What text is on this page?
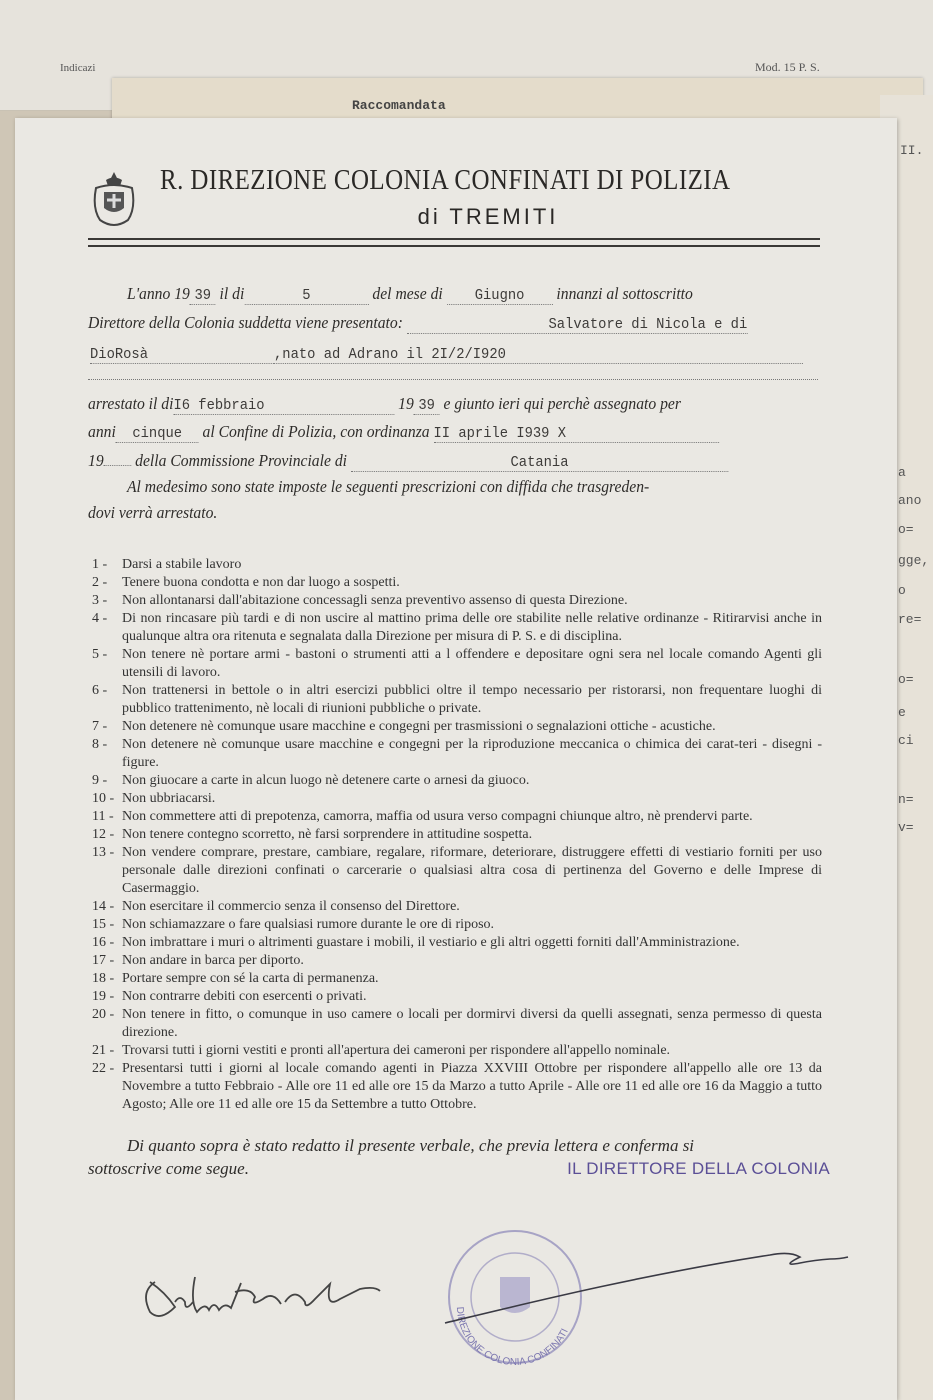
Indicazi	Mod. 15 P. S.
Raccomandata
II.
a
ano
o=
gge,
o
re=
o=
e
ci
n=
v=
R. DIREZIONE COLONIA CONFINATI DI POLIZIA
di TREMITI
L'anno 19 39 il di	5	del mese di Giugno innanzi al sottoscritto
Direttore della Colonia suddetta viene presentato:	Salvatore di Nicola e di
DioRosà	,nato ad Adrano il 2I/2/I920
arrestato il diI6 febbraio	19 39 e giunto ieri qui perchè assegnato per
anni cinque al Confine di Polizia, con ordinanza II aprile I939 X
19 della Commissione Provinciale di	Catania
Al medesimo sono state imposte le seguenti prescrizioni con diffida che trasgreden-
dovi verrà arrestato.
DIREZIONE COLONIA CONFINATI
1 -	Darsi a stabile lavoro
2 -	Tenere buona condotta e non dar luogo a sospetti.
3 -	Non allontanarsi dall'abitazione concessagli senza preventivo assenso di questa Direzione.
4 -	Di non rincasare più tardi e di non uscire al mattino prima delle ore stabilite nelle relative ordinanze - Ritirarvisi anche in qualunque altra ora ritenuta e segnalata dalla Direzione per misura di P. S. e di disciplina.
5 -	Non tenere nè portare armi - bastoni o strumenti atti a l offendere e depositare ogni sera nel locale comando Agenti gli utensili di lavoro.
6 -	Non trattenersi in bettole o in altri esercizi pubblici oltre il tempo necessario per ristorarsi, non frequentare luoghi di pubblico trattenimento, nè locali di riunioni pubbliche o private.
7 -	Non detenere nè comunque usare macchine e congegni per trasmissioni o segnalazioni ottiche - acustiche.
8 -	Non detenere nè comunque usare macchine e congegni per la riproduzione meccanica o chimica dei carat-teri - disegni - figure.
9 -	Non giuocare a carte in alcun luogo nè detenere carte o arnesi da giuoco.
10 - Non ubbriacarsi.
11 - Non commettere atti di prepotenza, camorra, maffia od usura verso compagni chiunque altro, nè prendervi parte.
12 - Non tenere contegno scorretto, nè farsi sorprendere in attitudine sospetta.
13 - Non vendere comprare, prestare, cambiare, regalare, riformare, deteriorare, distruggere effetti di vestiario forniti per uso personale dalle direzioni confinati o carcerarie o qualsiasi altra cosa di pertinenza del Governo e delle Imprese di Casermaggio.
14 - Non esercitare il commercio senza il consenso del Direttore.
15 - Non schiamazzare o fare qualsiasi rumore durante le ore di riposo.
16 - Non imbrattare i muri o altrimenti guastare i mobili, il vestiario e gli altri oggetti forniti dall'Amministrazione.
17 - Non andare in barca per diporto.
18 - Portare sempre con sé la carta di permanenza.
19 - Non contrarre debiti con esercenti o privati.
20 - Non tenere in fitto, o comunque in uso camere o locali per dormirvi diversi da quelli assegnati, senza permesso di questa direzione.
21 - Trovarsi tutti i giorni vestiti e pronti all'apertura dei cameroni per rispondere all'appello nominale.
22 - Presentarsi tutti i giorni al locale comando agenti in Piazza XXVIII Ottobre per rispondere all'appello alle ore 13 da Novembre a tutto Febbraio - Alle ore 11 ed alle ore 15 da Marzo a tutto Aprile - Alle ore 11 ed alle ore 16 da Maggio a tutto Agosto; Alle ore 11 ed alle ore 15 da Settembre a tutto Ottobre.
Di quanto sopra è stato redatto il presente verbale, che previa lettera e conferma si
sottoscrive come segue.	IL DIRETTORE DELLA COLONIA
